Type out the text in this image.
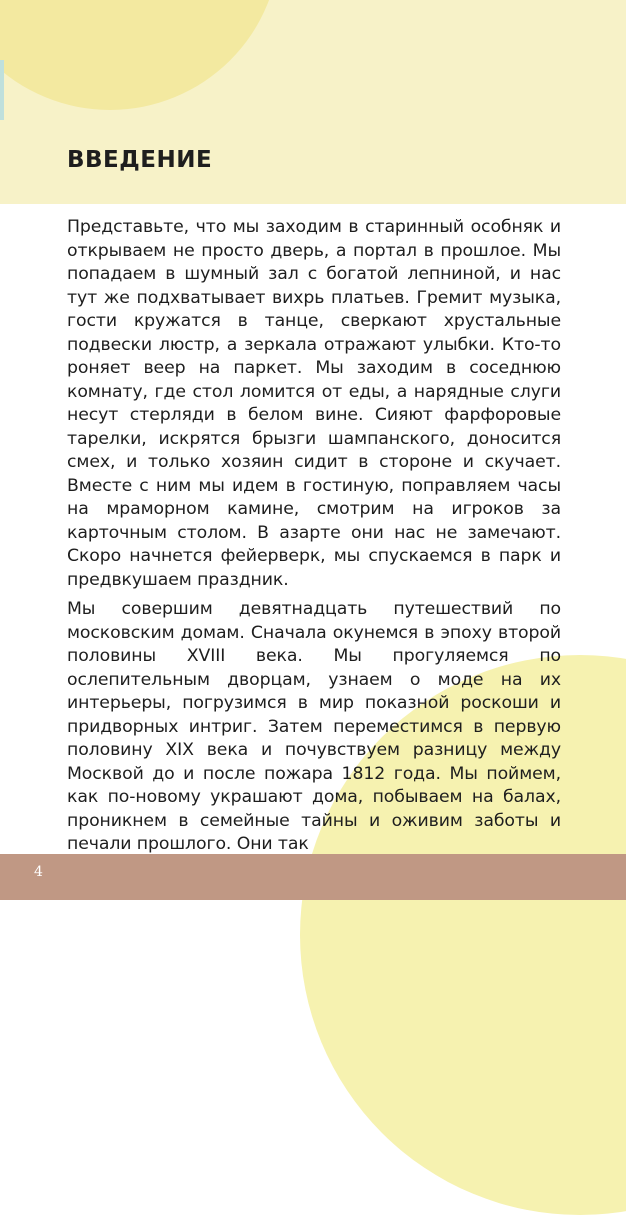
ВВЕДЕНИЕ

Представьте, что мы заходим в старинный особняк и открываем не просто дверь, а портал в прошлое. Мы попадаем в шумный зал с богатой лепниной, и нас тут же подхватывает вихрь платьев. Гремит музыка, гости кружатся в танце, сверкают хрустальные подвески люстр, а зеркала отражают улыбки. Кто-то роняет веер на паркет. Мы заходим в соседнюю комнату, где стол ломится от еды, а нарядные слуги несут стерляди в белом вине. Сияют фарфоровые тарелки, искрятся брызги шампанского, доносится смех, и только хозяин сидит в стороне и скучает. Вместе с ним мы идем в гостиную, поправляем часы на мраморном камине, смотрим на игроков за карточным столом. В азарте они нас не замечают. Скоро начнется фейерверк, мы спускаемся в парк и предвкушаем праздник.

Мы совершим девятнадцать путешествий по московским домам. Сначала окунемся в эпоху второй половины XVIII века. Мы прогуляемся по ослепительным дворцам, узнаем о моде на их интерьеры, погрузимся в мир показной роскоши и придворных интриг. Затем переместимся в первую половину XIX века и почувствуем разницу между Москвой до и после пожара 1812 года. Мы поймем, как по-новому украшают дома, побываем на балах, проникнем в семейные тайны и оживим заботы и печали прошлого. Они так

4
